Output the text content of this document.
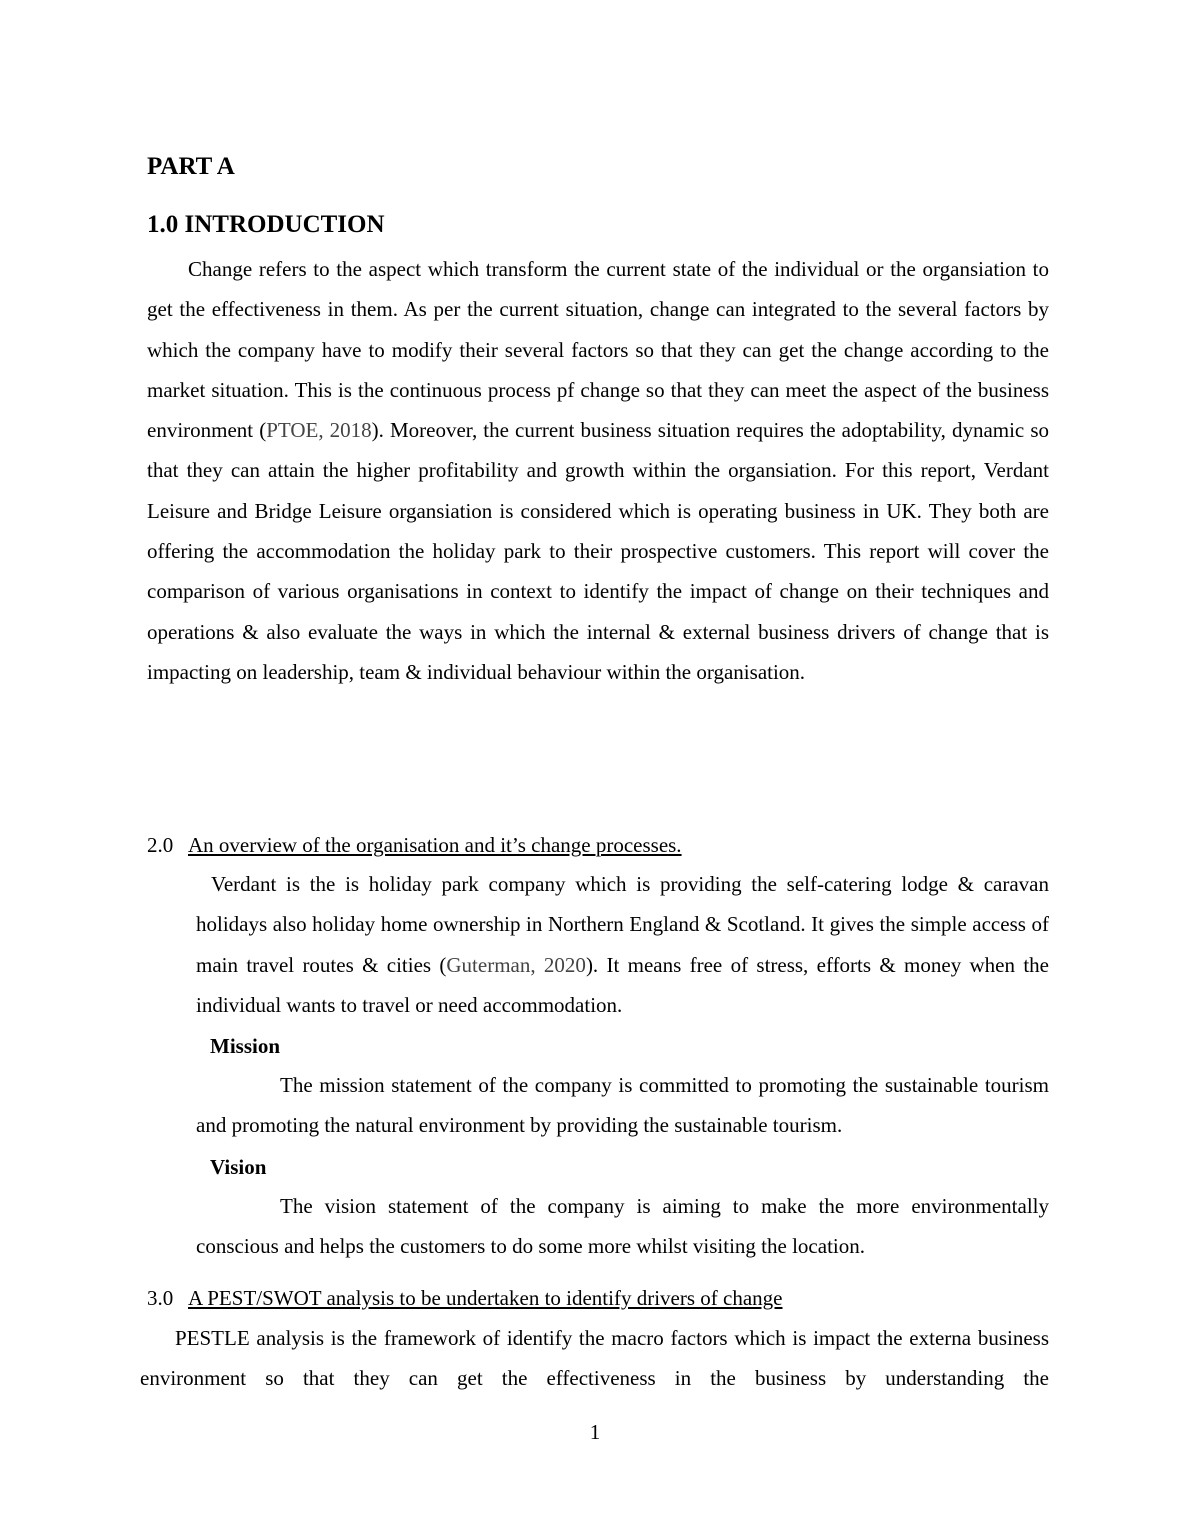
PART A
1.0 INTRODUCTION

Change refers to the aspect which transform the current state of the individual or the organsiation to get the effectiveness in them. As per the current situation, change can integrated to the several factors by which the company have to modify their several factors so that they can get the change according to the market situation. This is the continuous process pf change so that they can meet the aspect of the business environment (PTOE, 2018). Moreover, the current business situation requires the adoptability, dynamic so that they can attain the higher profitability and growth within the organsiation. For this report, Verdant Leisure and Bridge Leisure organsiation is considered which is operating business in UK. They both are offering the accommodation the holiday park to their prospective customers. This report will cover the comparison of various organisations in context to identify the impact of change on their techniques and operations & also evaluate the ways in which the internal & external business drivers of change that is impacting on leadership, team & individual behaviour within the organisation.

2.0 An overview of the organisation and it’s change processes.

Verdant is the is holiday park company which is providing the self-catering lodge & caravan holidays also holiday home ownership in Northern England & Scotland. It gives the simple access of main travel routes & cities (Guterman, 2020). It means free of stress, efforts & money when the individual wants to travel or need accommodation.

Mission

The mission statement of the company is committed to promoting the sustainable tourism and promoting the natural environment by providing the sustainable tourism.

Vision

The vision statement of the company is aiming to make the more environmentally conscious and helps the customers to do some more whilst visiting the location.

3.0 A PEST/SWOT analysis to be undertaken to identify drivers of change

PESTLE analysis is the framework of identify the macro factors which is impact the externa business environment so that they can get the effectiveness in the business by understanding the

1
